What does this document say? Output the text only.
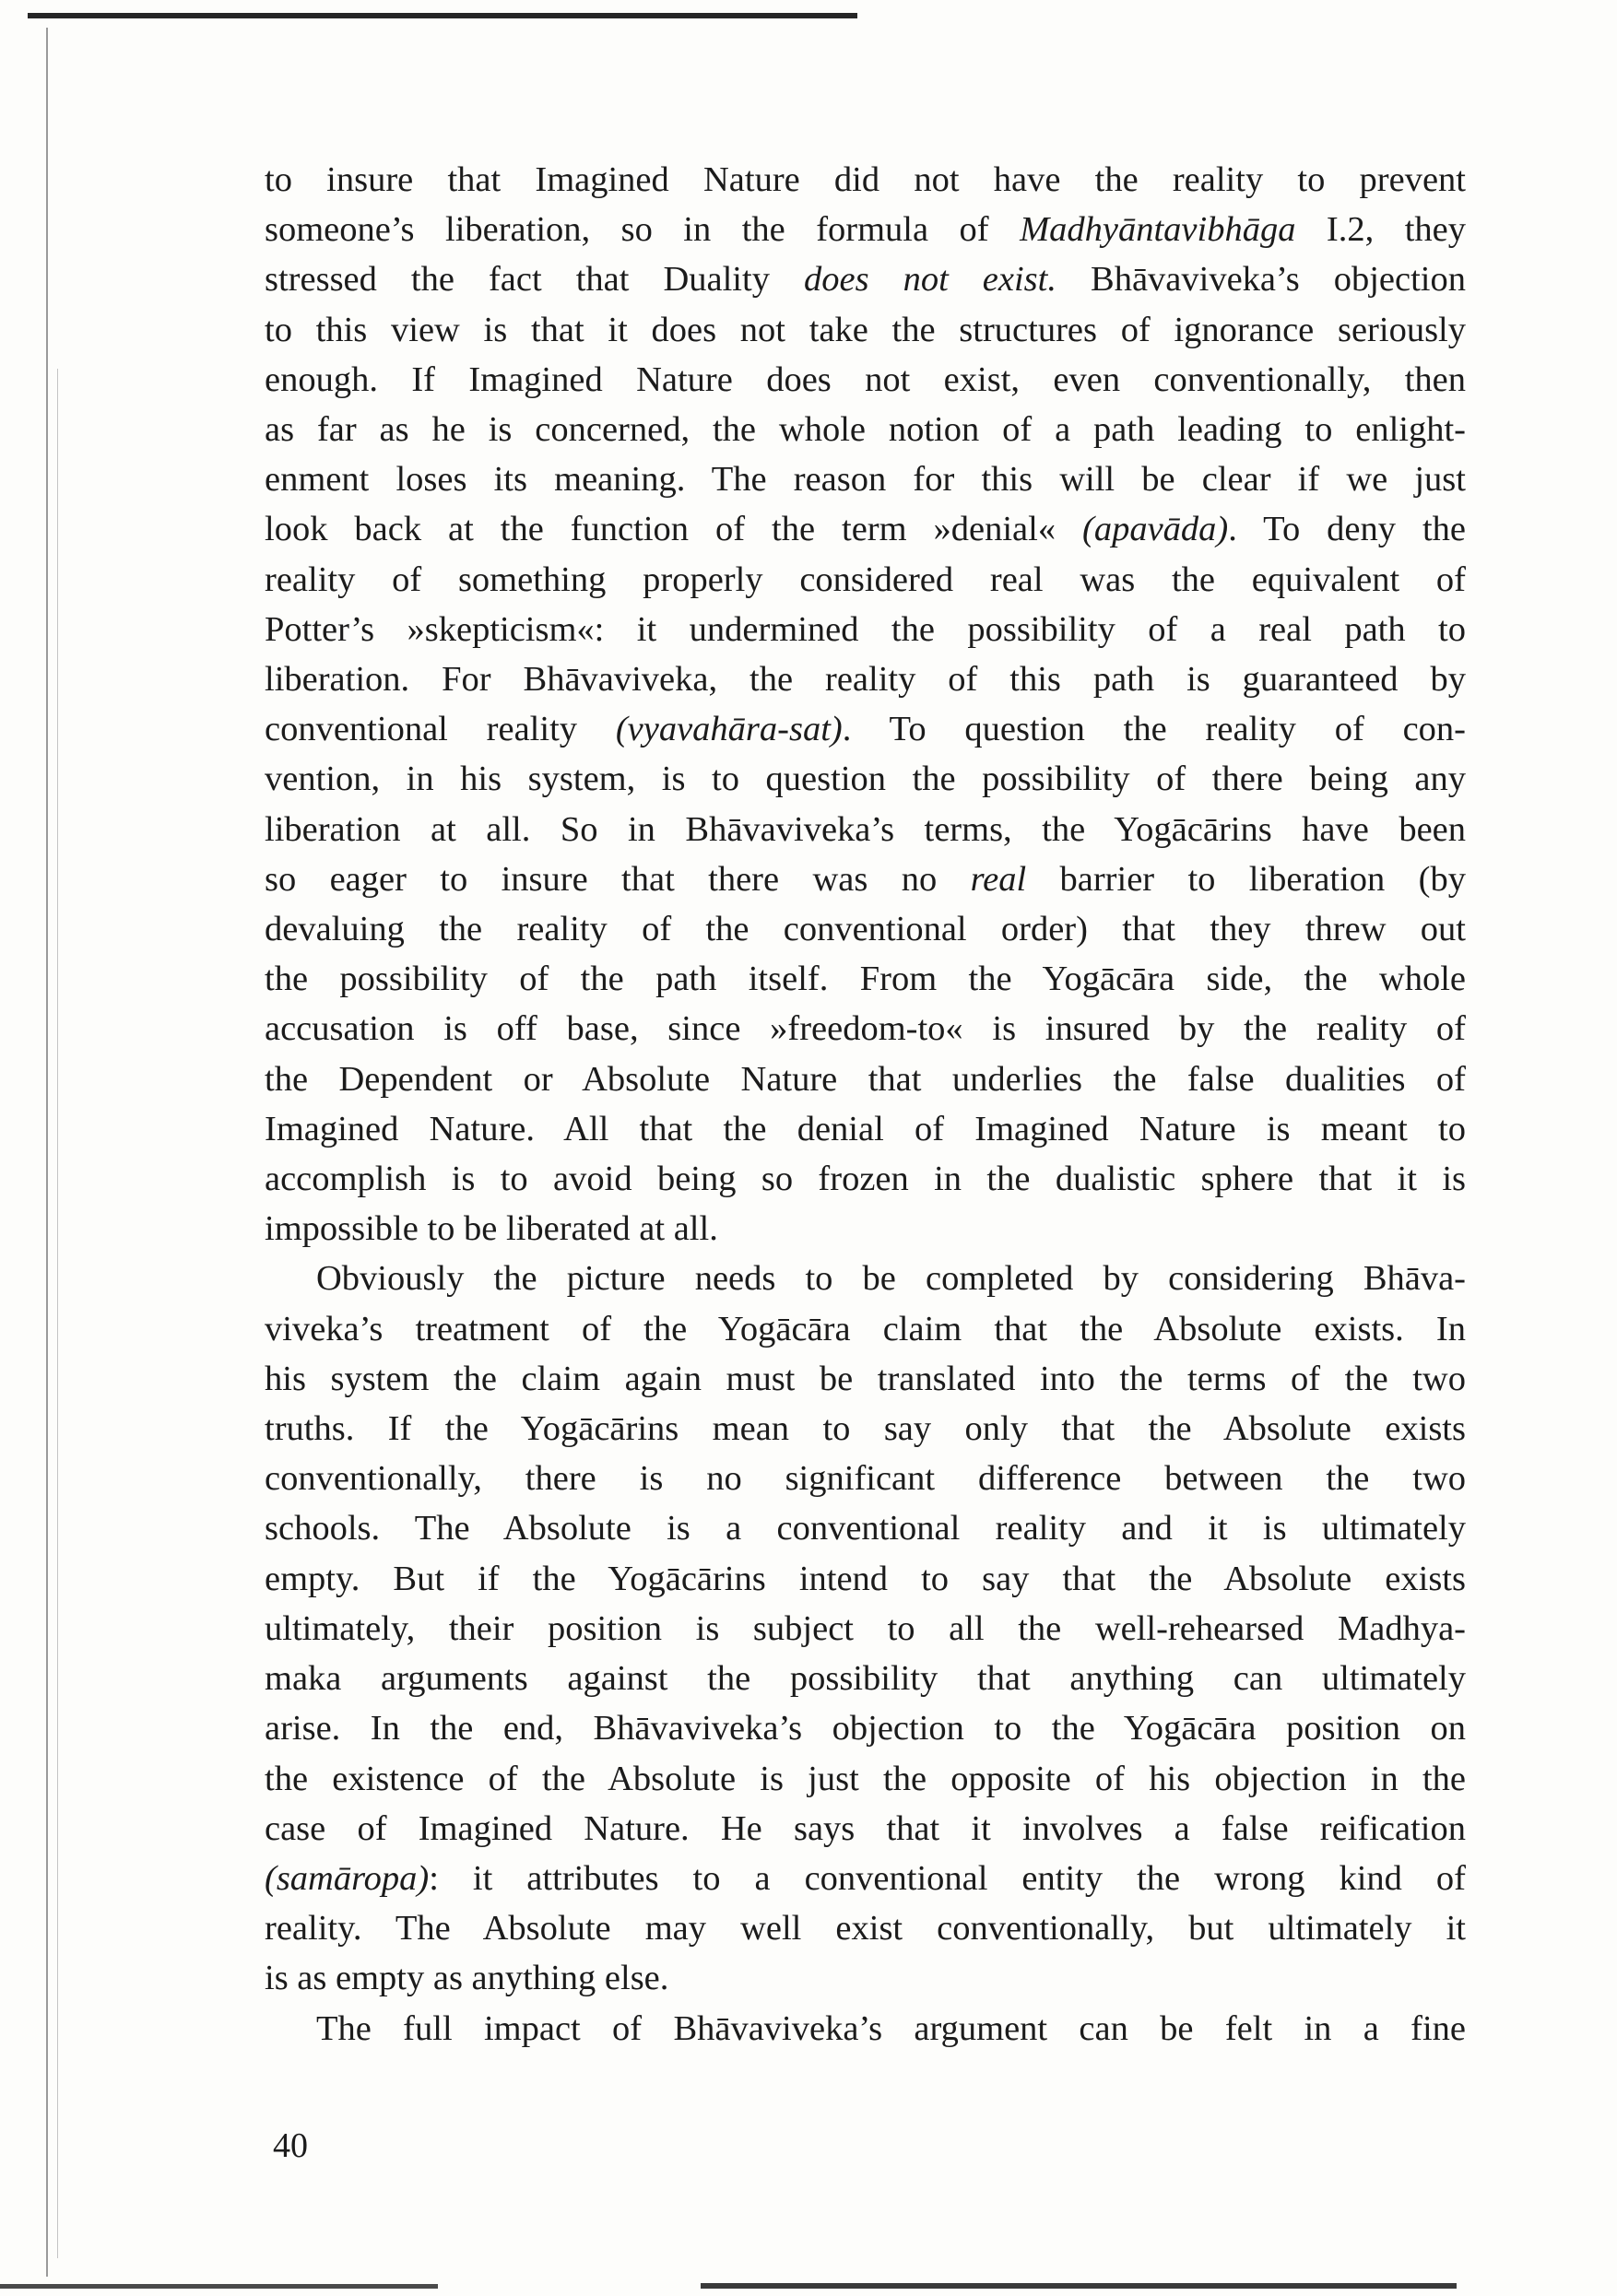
to insure that Imagined Nature did not have the reality to prevent
someone’s liberation, so in the formula of Madhyāntavibhāga I.2, they
stressed the fact that Duality does not exist. Bhāvaviveka’s objection
to this view is that it does not take the structures of ignorance seriously
enough. If Imagined Nature does not exist, even conventionally, then
as far as he is concerned, the whole notion of a path leading to enlight-
enment loses its meaning. The reason for this will be clear if we just
look back at the function of the term »denial« (apavāda). To deny the
reality of something properly considered real was the equivalent of
Potter’s »skepticism«: it undermined the possibility of a real path to
liberation. For Bhāvaviveka, the reality of this path is guaranteed by
conventional reality (vyavahāra-sat). To question the reality of con-
vention, in his system, is to question the possibility of there being any
liberation at all. So in Bhāvaviveka’s terms, the Yogācārins have been
so eager to insure that there was no real barrier to liberation (by
devaluing the reality of the conventional order) that they threw out
the possibility of the path itself. From the Yogācāra side, the whole
accusation is off base, since »freedom-to« is insured by the reality of
the Dependent or Absolute Nature that underlies the false dualities of
Imagined Nature. All that the denial of Imagined Nature is meant to
accomplish is to avoid being so frozen in the dualistic sphere that it is
impossible to be liberated at all.
Obviously the picture needs to be completed by considering Bhāva-
viveka’s treatment of the Yogācāra claim that the Absolute exists. In
his system the claim again must be translated into the terms of the two
truths. If the Yogācārins mean to say only that the Absolute exists
conventionally, there is no significant difference between the two
schools. The Absolute is a conventional reality and it is ultimately
empty. But if the Yogācārins intend to say that the Absolute exists
ultimately, their position is subject to all the well-rehearsed Madhya-
maka arguments against the possibility that anything can ultimately
arise. In the end, Bhāvaviveka’s objection to the Yogācāra position on
the existence of the Absolute is just the opposite of his objection in the
case of Imagined Nature. He says that it involves a false reification
(samāropa): it attributes to a conventional entity the wrong kind of
reality. The Absolute may well exist conventionally, but ultimately it
is as empty as anything else.
The full impact of Bhāvaviveka’s argument can be felt in a fine
40
